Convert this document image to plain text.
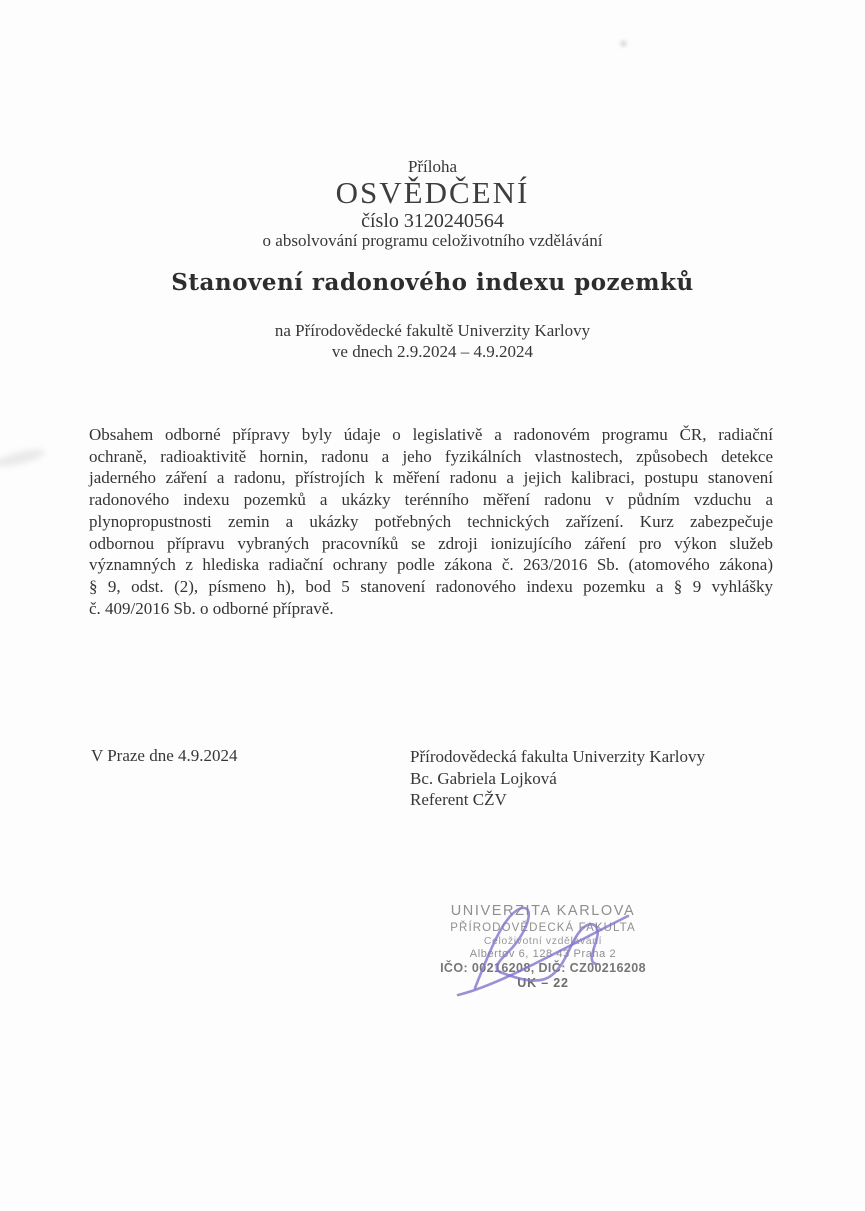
Příloha
OSVĚDČENÍ
číslo 3120240564
o absolvování programu celoživotního vzdělávání
Stanovení radonového indexu pozemků
na Přírodovědecké fakultě Univerzity Karlovy
ve dnech 2.9.2024 – 4.9.2024
Obsahem odborné přípravy byly údaje o legislativě a radonovém programu ČR, radiační
ochraně, radioaktivitě hornin, radonu a jeho fyzikálních vlastnostech, způsobech detekce
jaderného záření a radonu, přístrojích k měření radonu a jejich kalibraci, postupu stanovení
radonového indexu pozemků a ukázky terénního měření radonu v půdním vzduchu a
plynopropustnosti zemin a ukázky potřebných technických zařízení. Kurz zabezpečuje
odbornou přípravu vybraných pracovníků se zdroji ionizujícího záření pro výkon služeb
významných z hlediska radiační ochrany podle zákona č. 263/2016 Sb. (atomového zákona)
§ 9, odst. (2), písmeno h), bod 5 stanovení radonového indexu pozemku a § 9 vyhlášky
č. 409/2016 Sb. o odborné přípravě.
V Praze dne 4.9.2024	Přírodovědecká fakulta Univerzity Karlovy
Bc. Gabriela Lojková
Referent CŽV
UNIVERZITA KARLOVA
PŘÍRODOVĚDECKÁ FAKULTA
Celoživotní vzdělávání
Albertov 6, 128 43 Praha 2
IČO: 00216208, DIČ: CZ00216208
UK – 22
